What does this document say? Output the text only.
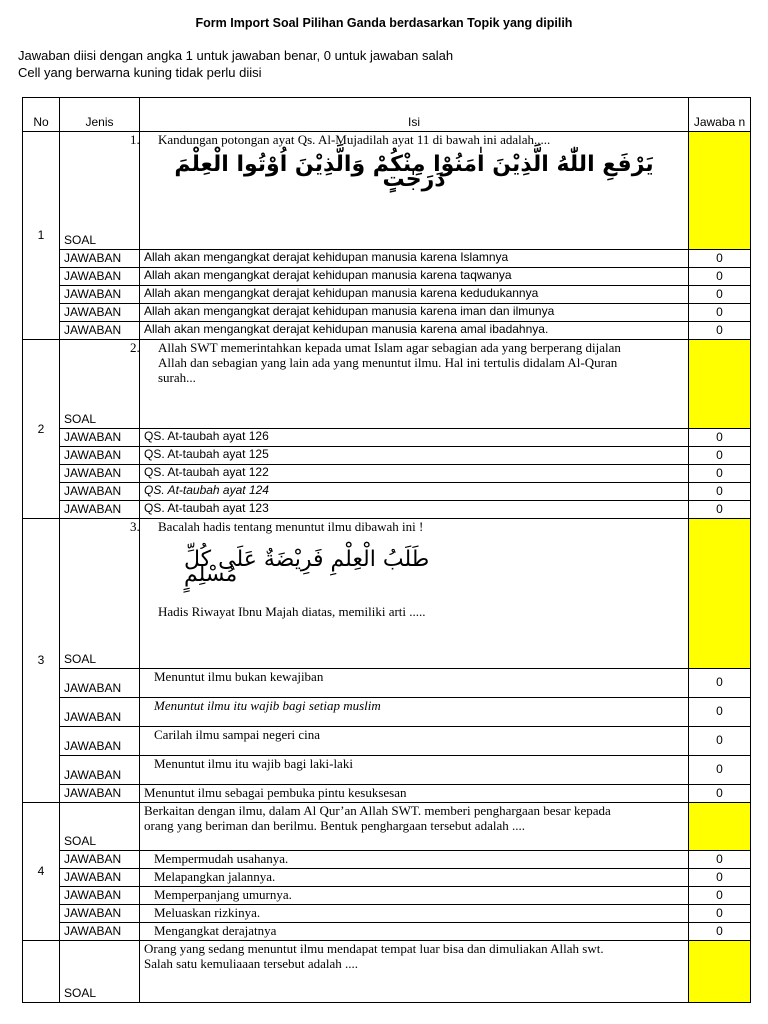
Form Import Soal Pilihan Ganda berdasarkan Topik yang dipilih
Jawaban diisi dengan angka 1 untuk jawaban benar, 0 untuk jawaban salah
Cell yang berwarna kuning tidak perlu diisi
No	Jenis	Isi	Jawaba n
1	SOAL	1. Kandungan potongan ayat Qs. Al-Mujadilah ayat 11 di bawah ini adalah.....
يَرْفَعِ اللّٰهُ الَّذِيْنَ اٰمَنُوْا مِنْكُمْ وَالَّذِيْنَ اُوْتُوا الْعِلْمَ دَرَجٰتٍ	

	JAWABAN	Allah akan mengangkat derajat kehidupan manusia karena Islamnya	0
	JAWABAN	Allah akan mengangkat derajat kehidupan manusia karena taqwanya	0
	JAWABAN	Allah akan mengangkat derajat kehidupan manusia karena kedudukannya	0
	JAWABAN	Allah akan mengangkat derajat kehidupan manusia karena iman dan ilmunya	0
	JAWABAN	Allah akan mengangkat derajat kehidupan manusia karena amal ibadahnya.	0
2	SOAL	2. Allah SWT memerintahkan kepada umat Islam agar sebagian ada yang berperang dijalan
Allah dan sebagian yang lain ada yang menuntut ilmu. Hal ini tertulis didalam Al-Quran
surah...	

	JAWABAN	QS. At-taubah ayat 126	0
	JAWABAN	QS. At-taubah ayat 125	0
	JAWABAN	QS. At-taubah ayat 122	0
	JAWABAN	QS. At-taubah ayat 124	0
	JAWABAN	QS. At-taubah ayat 123	0
3	SOAL	3. Bacalah hadis tentang menuntut ilmu dibawah ini !
طَلَبُ الْعِلْمِ فَرِيْضَةٌ عَلَى كُلِّ مُسْلِمٍ
Hadis Riwayat Ibnu Majah diatas, memiliki arti .....	

	JAWABAN	Menuntut ilmu bukan kewajiban	0
	JAWABAN	Menuntut ilmu itu wajib bagi setiap muslim	0
	JAWABAN	Carilah ilmu sampai negeri cina	0
	JAWABAN	Menuntut ilmu itu wajib bagi laki-laki	0
	JAWABAN	Menuntut ilmu sebagai pembuka pintu kesuksesan	0
4	SOAL	Berkaitan dengan ilmu, dalam Al Qur’an Allah SWT. memberi penghargaan besar kepada
orang yang beriman dan berilmu. Bentuk penghargaan tersebut adalah ....	

	JAWABAN	Mempermudah usahanya.	0
	JAWABAN	Melapangkan jalannya.	0
	JAWABAN	Memperpanjang umurnya.	0
	JAWABAN	Meluaskan rizkinya.	0
	JAWABAN	Mengangkat derajatnya	0
	SOAL	Orang yang sedang menuntut ilmu mendapat tempat luar bisa dan dimuliakan Allah swt.
Salah satu kemuliaaan tersebut adalah ....	
